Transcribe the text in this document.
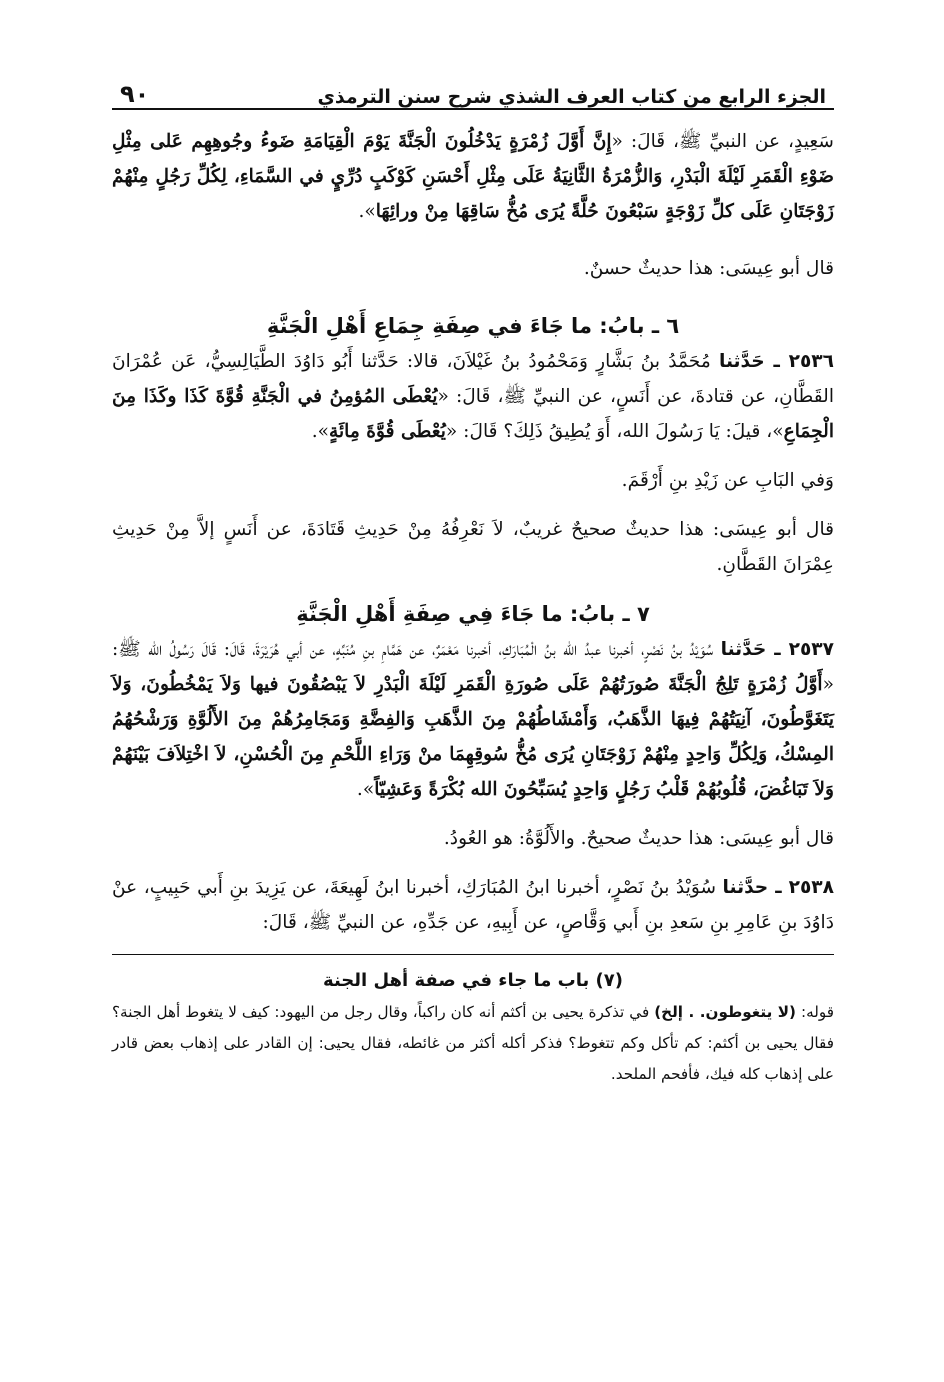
الجزء الرابع من كتاب العرف الشذي شرح سنن الترمذي
٩٠

سَعِيدٍ، عن النبيِّ ﷺ، قَالَ: «إِنَّ أَوَّلَ زُمْرَةٍ يَدْخُلُونَ الْجَنَّةَ يَوْمَ الْقِيَامَةِ ضَوءُ وجُوهِهِم عَلى مِثْلِ ضَوْءِ الْقَمَرِ لَيْلَةَ الْبَدْرِ، وَالزُّمْرَةُ الثَّانِيَةُ عَلَى مِثْلِ أَحْسَنِ كَوْكَبٍ دُرِّيٍ في السَّمَاءِ، لِكُلِّ رَجُلٍ مِنْهُمْ زَوْجَتَانِ عَلَى كلِّ زَوْجَةٍ سَبْعُونَ حُلَّةً يُرَى مُخُّ سَاقِهَا مِنْ ورائِهَا».

قال أبو عِيسَى: هذا حديثٌ حسنٌ.

٦ ـ بابُ: ما جَاءَ في صِفَةِ جِمَاعِ أَهْلِ الْجَنَّةِ

٢٥٣٦ ـ حَدَّثنا مُحَمَّدُ بنُ بَشَّارٍ وَمَحْمُودُ بنُ غَيْلاَنَ، قالا: حَدَّثنا أَبُو دَاوُدَ الطَّيَالِسِيُّ، عَن عُمْرَانَ القَطَّانِ، عن قتادةَ، عن أَنَسٍ، عن النبيِّ ﷺ، قَالَ: «يُعْطَى المُؤمِنُ في الْجَنَّةِ قُوَّةَ كَذَا وكَذَا مِنَ الْجِمَاعِ»، قيلَ: يَا رَسُولَ الله، أَوَ يُطِيقُ ذَلِكَ؟ قَالَ: «يُعْطَى قُوَّةَ مِائَةٍ».

وَفي البَابِ عن زَيْدِ بنِ أَرْقَمَ.

قال أبو عِيسَى: هذا حديثٌ صحيحٌ غريبٌ، لاَ نَعْرِفُهُ مِنْ حَدِيثِ قَتَادَةَ، عن أَنَسٍ إلاَّ مِنْ حَدِيثِ عِمْرَانَ القَطَّانِ.

٧ ـ بابُ: ما جَاءَ فِي صِفَةِ أَهْلِ الْجَنَّةِ

٢٥٣٧ ـ حَدَّثنا سُوَيْدُ بنُ نَصْرٍ، أخبرنا عبدُ الله بنُ الْمُبَارَكِ، أخبرنا مَعْمَرٌ، عن هَمَّامِ بنِ مُنَبِّهٍ، عن أبي هُرَيْرَةَ، قَالَ: قَالَ رَسُولُ الله ﷺ: «أَوَّلُ زُمْرَةٍ تَلِجُ الْجَنَّةَ صُورَتُهُمْ عَلَى صُورَةِ الْقَمَرِ لَيْلَةَ الْبَدْرِ لاَ يَبْصُقُونَ فيها وَلاَ يَمْخُطُونَ، وَلاَ يَتَغَوَّطُونَ، آنِيَتُهُمْ فِيهَا الذَّهَبُ، وَأَمْشَاطُهُمْ مِنَ الذَّهَبِ وَالفِضَّةِ وَمَجَامِرُهُمْ مِنَ الأَلُوَّةِ وَرَشْحُهُمُ المِسْكُ، وَلِكُلِّ وَاحِدٍ مِنْهُمْ زَوْجَتَانِ يُرَى مُخُّ سُوقِهِمَا منْ وَرَاءِ اللَّحْمِ مِنَ الْحُسْنِ، لاَ اخْتِلاَفَ بَيْنَهُمْ وَلاَ تَبَاغُضَ، قُلُوبُهُمْ قَلْبُ رَجُلٍ وَاحِدٍ يُسَبِّحُونَ الله بُكْرَةً وَعَشِيّاً».

قال أبو عِيسَى: هذا حديثٌ صحيحٌ. والأَلُوَّةُ: هو العُودُ.

٢٥٣٨ ـ حدَّثنا سُوَيْدُ بنُ نَصْرٍ، أخبرنا ابنُ المُبَارَكِ، أخبرنا ابنُ لَهِيعَةَ، عن يَزِيدَ بنِ أَبي حَبِيبٍ، عنْ دَاوُدَ بنِ عَامِرِ بنِ سَعدِ بنِ أَبي وَقَّاصٍ، عن أَبِيهِ، عن جَدِّهِ، عن النبيِّ ﷺ، قَالَ:

(٧) باب ما جاء في صفة أهل الجنة

قوله: (لا يتغوطون. . إلخ) في تذكرة يحيى بن أكثم أنه كان راكباً، وقال رجل من اليهود: كيف لا يتغوط أهل الجنة؟ فقال يحيى بن أكثم: كم تأكل وكم تتغوط؟ فذكر أكله أكثر من غائطه، فقال يحيى: إن القادر على إذهاب بعض قادر على إذهاب كله فيك، فأفحم الملحد.
